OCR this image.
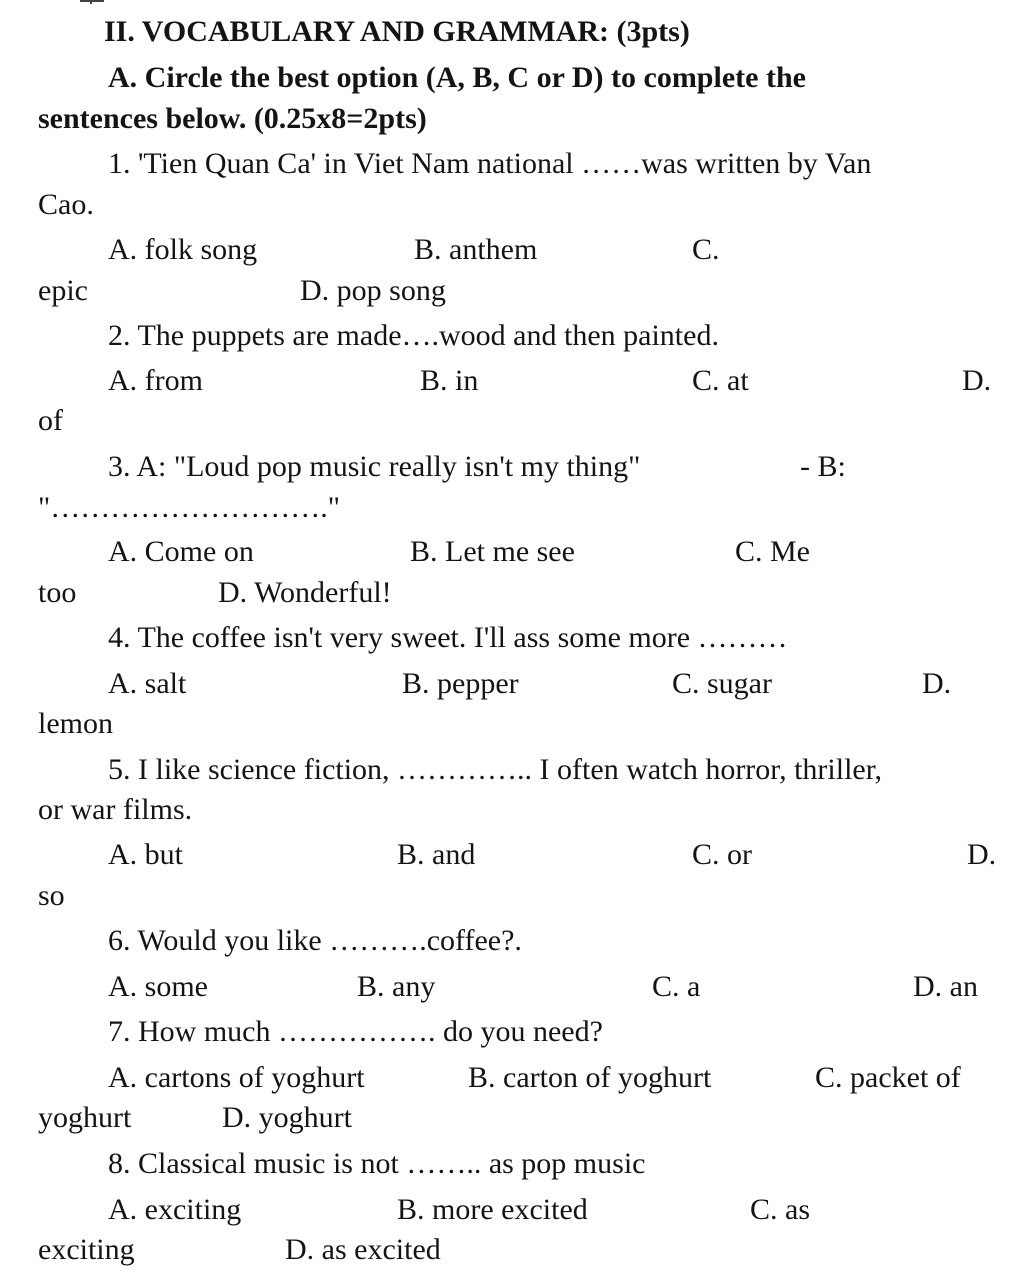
II. VOCABULARY AND GRAMMAR: (3pts)
A. Circle the best option (A, B, C or D) to complete the
sentences below. (0.25x8=2pts)
1. 'Tien Quan Ca' in Viet Nam national ……was written by Van
Cao.
A. folk song	B. anthem	C.
epic	D. pop song
2. The puppets are made….wood and then painted.
A. from	B. in	C. at	D.
of
3. A: "Loud pop music really isn't my thing"	- B:
"………………………."
A. Come on	B. Let me see	C. Me
too	D. Wonderful!
4. The coffee isn't very sweet. I'll ass some more ………
A. salt	B. pepper	C. sugar	D.
lemon
5. I like science fiction, ………….. I often watch horror, thriller,
or war films.
A. but	B. and	C. or	D.
so
6. Would you like ……….coffee?.
A. some	B. any	C. a	D. an
7. How much ……………. do you need?
A. cartons of yoghurt	B. carton of yoghurt	C. packet of
yoghurt	D. yoghurt
8. Classical music is not …….. as pop music
A. exciting	B. more excited	C. as
exciting	D. as excited
